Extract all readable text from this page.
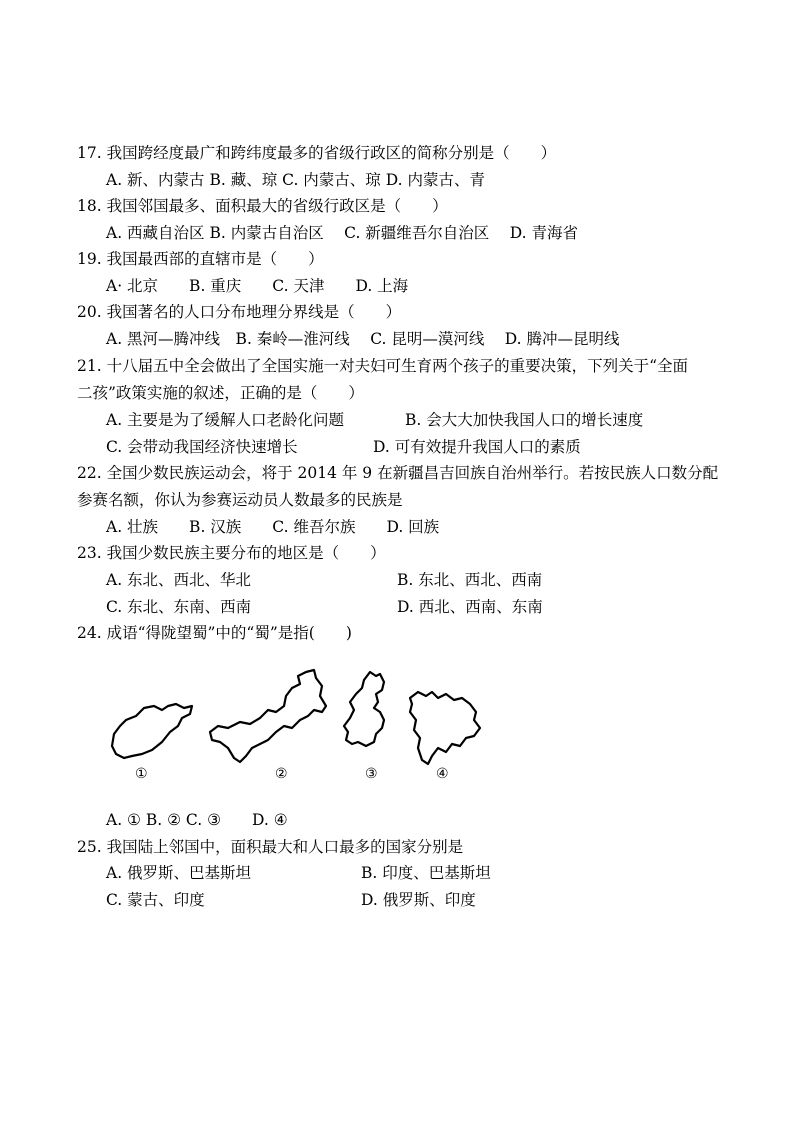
17. 我国跨经度最广和跨纬度最多的省级行政区的简称分别是（　　）
A. 新、内蒙古 B. 藏、琼 C. 内蒙古、琼 D. 内蒙古、青
18. 我国邻国最多、面积最大的省级行政区是（　　）
A. 西藏自治区 B. 内蒙古自治区　 C. 新疆维吾尔自治区　 D. 青海省
19. 我国最西部的直辖市是（　　）
A· 北京　　B. 重庆　　C. 天津　　D. 上海
20. 我国著名的人口分布地理分界线是（　　）
A. 黑河—腾冲线　B. 秦岭—淮河线　 C. 昆明—漠河线　 D. 腾冲—昆明线
21. 十八届五中全会做出了全国实施一对夫妇可生育两个孩子的重要决策，下列关于“全面
二孩”政策实施的叙述，正确的是（　　）
A. 主要是为了缓解人口老龄化问题	B. 会大大加快我国人口的增长速度
C. 会带动我国经济快速增长	D. 可有效提升我国人口的素质
22. 全国少数民族运动会，将于 2014 年 9 在新疆昌吉回族自治州举行。若按民族人口数分配
参赛名额，你认为参赛运动员人数最多的民族是
A. 壮族　　B. 汉族　　C. 维吾尔族　　D. 回族
23. 我国少数民族主要分布的地区是（　　）
A. 东北、西北、华北	B. 东北、西北、西南
C. 东北、东南、西南	D. 西北、西南、东南
24. 成语“得陇望蜀”中的“蜀”是指(　　)
①	②	③	④
A. ① B. ② C. ③　　D. ④
25. 我国陆上邻国中，面积最大和人口最多的国家分别是
A. 俄罗斯、巴基斯坦	B. 印度、巴基斯坦
C. 蒙古、印度	D. 俄罗斯、印度
